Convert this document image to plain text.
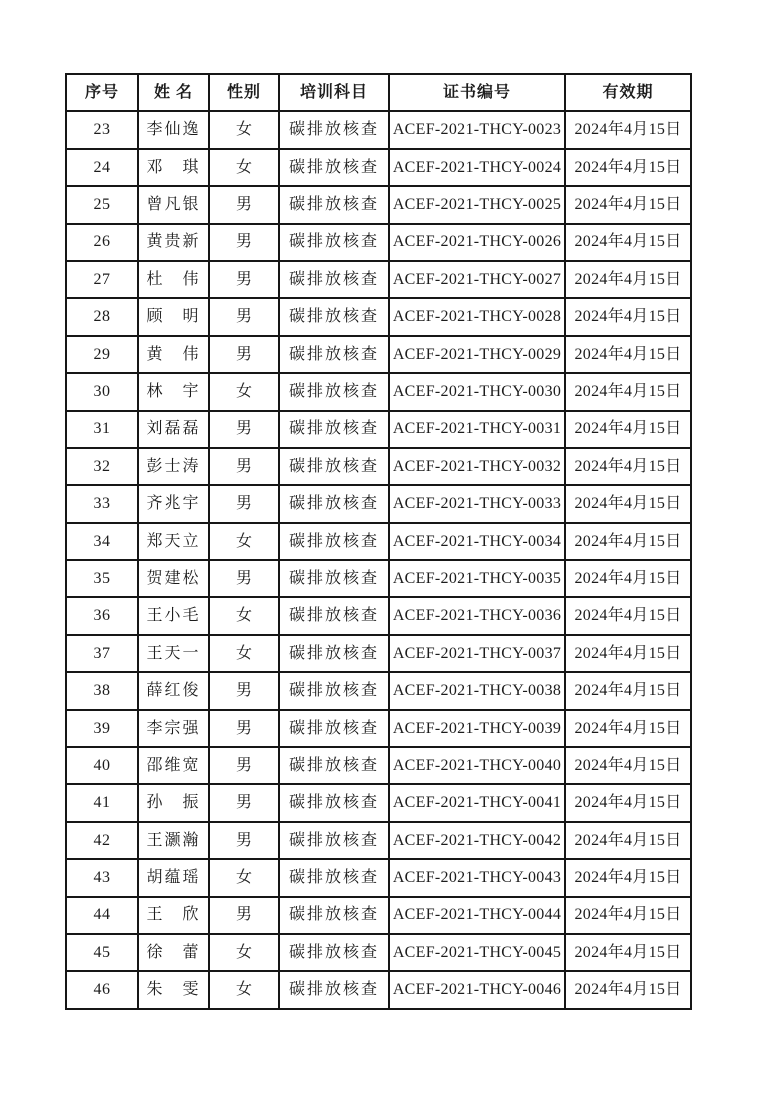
序号	姓 名	性别	培训科目	证书编号	有效期
23	李仙逸	女	碳排放核查	ACEF-2021-THCY-0023	2024年4月15日
24	邓　琪	女	碳排放核查	ACEF-2021-THCY-0024	2024年4月15日
25	曾凡银	男	碳排放核查	ACEF-2021-THCY-0025	2024年4月15日
26	黄贵新	男	碳排放核查	ACEF-2021-THCY-0026	2024年4月15日
27	杜　伟	男	碳排放核查	ACEF-2021-THCY-0027	2024年4月15日
28	顾　明	男	碳排放核查	ACEF-2021-THCY-0028	2024年4月15日
29	黄　伟	男	碳排放核查	ACEF-2021-THCY-0029	2024年4月15日
30	林　宇	女	碳排放核查	ACEF-2021-THCY-0030	2024年4月15日
31	刘磊磊	男	碳排放核查	ACEF-2021-THCY-0031	2024年4月15日
32	彭士涛	男	碳排放核查	ACEF-2021-THCY-0032	2024年4月15日
33	齐兆宇	男	碳排放核查	ACEF-2021-THCY-0033	2024年4月15日
34	郑天立	女	碳排放核查	ACEF-2021-THCY-0034	2024年4月15日
35	贺建松	男	碳排放核查	ACEF-2021-THCY-0035	2024年4月15日
36	王小毛	女	碳排放核查	ACEF-2021-THCY-0036	2024年4月15日
37	王天一	女	碳排放核查	ACEF-2021-THCY-0037	2024年4月15日
38	薛红俊	男	碳排放核查	ACEF-2021-THCY-0038	2024年4月15日
39	李宗强	男	碳排放核查	ACEF-2021-THCY-0039	2024年4月15日
40	邵维宽	男	碳排放核查	ACEF-2021-THCY-0040	2024年4月15日
41	孙　振	男	碳排放核查	ACEF-2021-THCY-0041	2024年4月15日
42	王灏瀚	男	碳排放核查	ACEF-2021-THCY-0042	2024年4月15日
43	胡蕴瑶	女	碳排放核查	ACEF-2021-THCY-0043	2024年4月15日
44	王　欣	男	碳排放核查	ACEF-2021-THCY-0044	2024年4月15日
45	徐　蕾	女	碳排放核查	ACEF-2021-THCY-0045	2024年4月15日
46	朱　雯	女	碳排放核查	ACEF-2021-THCY-0046	2024年4月15日
